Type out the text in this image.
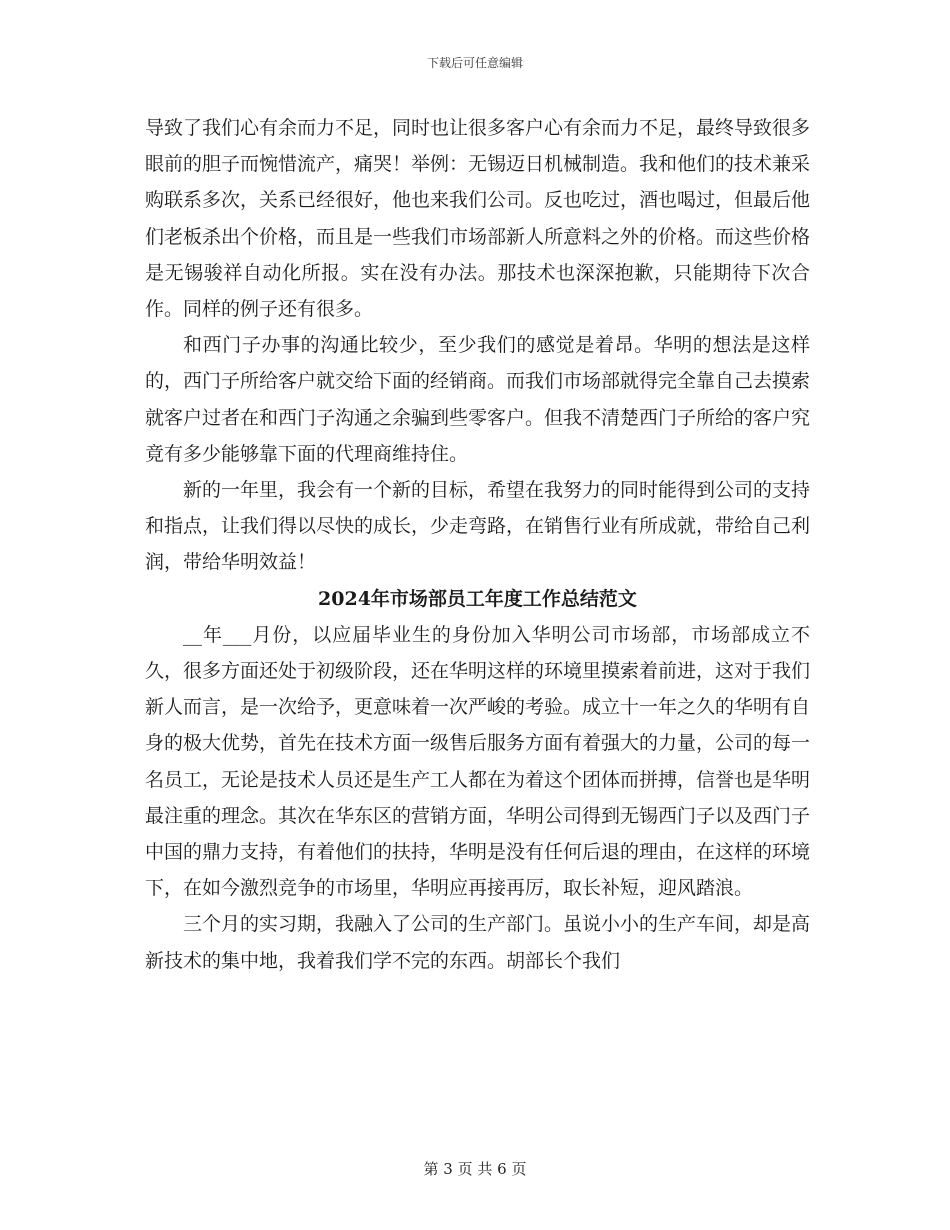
下载后可任意编辑

导致了我们心有余而力不足，同时也让很多客户心有余而力不足，最终导致很多眼前的胆子而惋惜流产，痛哭！举例：无锡迈日机械制造。我和他们的技术兼采购联系多次，关系已经很好，他也来我们公司。反也吃过，酒也喝过，但最后他们老板杀出个价格，而且是一些我们市场部新人所意料之外的价格。而这些价格是无锡骏祥自动化所报。实在没有办法。那技术也深深抱歉，只能期待下次合作。同样的例子还有很多。

和西门子办事的沟通比较少，至少我们的感觉是着昂。华明的想法是这样的，西门子所给客户就交给下面的经销商。而我们市场部就得完全靠自己去摸索就客户过者在和西门子沟通之余骗到些零客户。但我不清楚西门子所给的客户究竟有多少能够靠下面的代理商维持住。

新的一年里，我会有一个新的目标，希望在我努力的同时能得到公司的支持和指点，让我们得以尽快的成长，少走弯路，在销售行业有所成就，带给自己利润，带给华明效益！

2024年市场部员工年度工作总结范文

__年___月份，以应届毕业生的身份加入华明公司市场部，市场部成立不久，很多方面还处于初级阶段，还在华明这样的环境里摸索着前进，这对于我们新人而言，是一次给予，更意味着一次严峻的考验。成立十一年之久的华明有自身的极大优势，首先在技术方面一级售后服务方面有着强大的力量，公司的每一名员工，无论是技术人员还是生产工人都在为着这个团体而拼搏，信誉也是华明最注重的理念。其次在华东区的营销方面，华明公司得到无锡西门子以及西门子中国的鼎力支持，有着他们的扶持，华明是没有任何后退的理由，在这样的环境下，在如今激烈竞争的市场里，华明应再接再厉，取长补短，迎风踏浪。

三个月的实习期，我融入了公司的生产部门。虽说小小的生产车间，却是高新技术的集中地，我着我们学不完的东西。胡部长个我们

第 3 页 共 6 页
